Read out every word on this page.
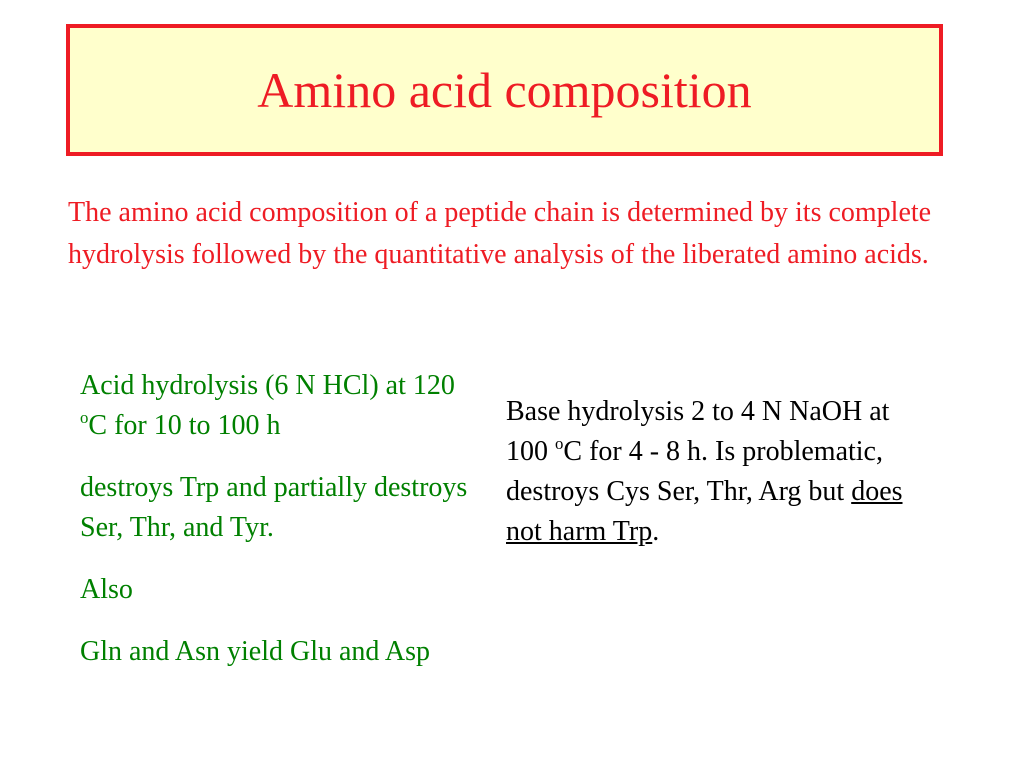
Amino acid composition

The amino acid composition of a peptide chain is determined by its complete hydrolysis followed by the quantitative analysis of the liberated amino acids.

Acid hydrolysis (6 N HCl) at 120 $^o$C for 10 to 100 h

destroys Trp and partially destroys Ser, Thr, and Tyr.

Also

Gln and Asn yield Glu and Asp

Base hydrolysis 2 to 4 N NaOH at 100 $^o$C for 4 - 8 h. Is problematic, destroys Cys Ser, Thr, Arg but does not harm Trp.
